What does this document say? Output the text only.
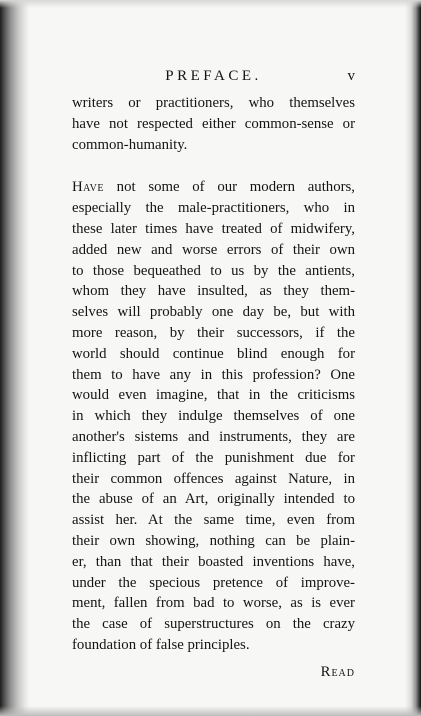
PREFACE.	v
writers or practitioners, who themselves
have not respected either common-sense or
common-humanity.
Have not some of our modern authors,
especially the male-practitioners, who in
these later times have treated of midwifery,
added new and worse errors of their own
to those bequeathed to us by the antients,
whom they have insulted, as they them-
selves will probably one day be, but with
more reason, by their successors, if the
world should continue blind enough for
them to have any in this profession? One
would even imagine, that in the criticisms
in which they indulge themselves of one
another's sistems and instruments, they are
inflicting part of the punishment due for
their common offences against Nature, in
the abuse of an Art, originally intended to
assist her. At the same time, even from
their own showing, nothing can be plain-
er, than that their boasted inventions have,
under the specious pretence of improve-
ment, fallen from bad to worse, as is ever
the case of superstructures on the crazy
foundation of false principles.
Read
